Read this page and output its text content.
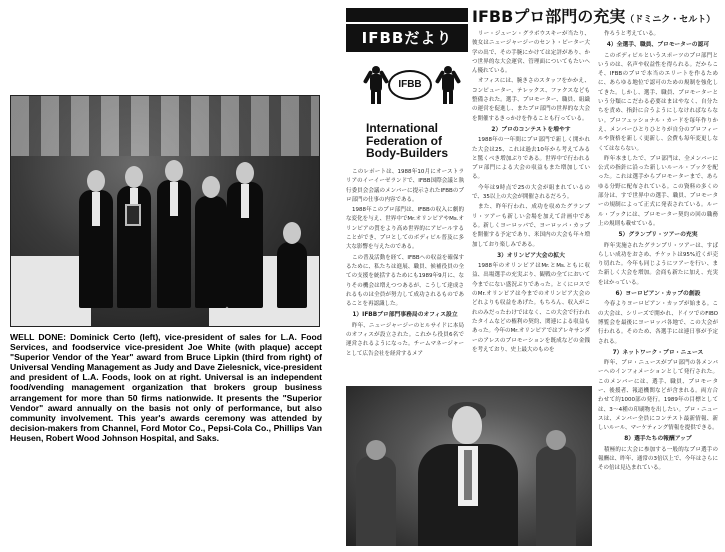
WELL DONE: Dominick Certo (left), vice-president of sales for L.A. Food Services, and foodservice vice-president Joe White (with plaque) accept "Superior Vendor of the Year" award from Bruce Lipkin (third from right) of Universal Vending Management as Judy and Dave Zielesnick, vice-president and president of L.A. Foods, look on at right. Universal is an independent food/vending management organization that brokers group business arrangement for more than 50 firms nationwide. It presents the "Superior Vendor" award annually on the basis not only of performance, but also community involvement. This year's awards ceremony was attended by decision-makers from Channel, Ford Motor Co., Pepsi-Cola Co., Phillips Van Heusen, Robert Wood Johnson Hospital, and Saks.
IFBBだより
IFBBプロ部門の充実（ドミニク・セルト）
IFBB
International
Federation of
Body-Builders

このレポートは、1988年10月にオーストラリアのイーイーゼランドで、IFBB国際会議と執行委員会会議のメンバーに提示されたIFBBのプロ部門の仕事の内容である。

1988年このプロ部門は、IFBBの収入に劇的な変化を与え、世界中でMr.オリンピアやMs.オリンピアの質をより高め世界的にアピールすることができ、プロとしてのボディビル普及に多大な影響を与えたのである。

この普及活動を経て、IFBBへの収益を確保するために、私たちは進展、職員、候補役員の全ての支援を統括するためにも1989年9月に、なりその機会は増えつつあるが、こうして達成されるものは全員が努力して成功されるものであることを再認識した。

1）IFBBプロ部門事務局のオフィス設立

昨年、ニュージャージーのヒルサイドに本局のオフィスが設立された。これから役員6名で運営されるようになった。チームマネージャーとして広告会社を経営するメア

リー・ジューン・グラボウスキーが当たり、彼女はニュージャージーのセント・ピーター大学の出で、その手腕にかけては定評があり、かつ世界的な大会運営、管理面についてもたいへん優れている。

オフィスには、腕きさのスタッフをかかえ、コンピューター、テレックス、ファクスなども整備された。選手、プロモーター、職員、組織の運営を促進し、またプロ部門の世界的な大会を開催するきっかけを作ることも行っている。

2）プロのコンテストを増やす

1988年の一年間にプロ部門で新しく開かれた大会は25、これは過去10年から考えてみると驚くべき増加ぶりである。世界中で行われるプロ部門による大会の収益もまた増加している。

今年は9時点で25の大会が組まれているので、35以上の大会が開催されるだろう。

また、昨年行われ、成功を収めたグランプリ・ツアーも新しい会場を加えて計画中である。新しくヨーロッパで、ヨーロッパ・カップを開催する予定であり、米国内の大会も年々増加しており楽しみである。

3）オリンピア大会の拡大

1988年のオリンピアはMr.とMs.ともに収益、出場選手の充実ぶり、観戦の全てにおいて今までにない盛況ぶりであった。とくにロスでのMr.オリンピアは今までのオリンピア大会のどれよりも収益をあげた。もちろん、収入がこれのみだったわけではなく、この大会で行われたタイムなどの権利の契約、関連による収益もあった。今年のMr.オリンピアではアレキサンダーのアレスのプロモーションを既成などの金銭を考えており、史上最大のものを

作ろうと考えている。

4）全選手、職員、プロモーターの認可

このボディビルというスポーツのプロ部門というのは、名声や収益性を得られる。だからこそ、IFBBのプロで本当のエリートを作るために、あらゆる地位で認可のための規制を強化してきた。しかし、選手、職員、プロモーターという分類にこだわる必要はまはやなく、自分たちを責め、指針に合うようにしなければならない。プロフェッショナル・カードを毎年作りかえ、メンバーひとりひとりが自分のプロフィールや資格を新しく更新し、会費も毎年変更しなくてはならない。

昨年本ましたで、プロ部門は、全メンバーに公式の指針に沿った新しいルール・ブックを配った。これは選手からプロモーターまで、あらゆる分野に配布されている。この資料の多くの部分は、すで世界中の選手、職員、プロモーターの規制によって正式に発表されている。ルール・ブックには、プロモーター契約の回の職務上の規則も載せている。

5）グランプリ・ツアーの充実

昨年実施されたグランプリ・ツアーは、すばらしい成功をおさめ、チケットは95%近くが売り切れた。今年も同じようにツアーを行い、また新しく大会を増加。会商も新たに加え、充実をはかっている。

6）ヨーロピアン・カップの創設

今春よりヨーロピアン・カップが始まる。この大会は、シリーズで開かれ、ドイツでのFIBO博覧会を最後にヨーロッパ各地で、この大会が行われる。そのため、各選手には連日事が予定される。

7）ネットワーク・プロ・ニュース

昨年、プロ・ニュースがプロ部門の各メンバーへのインフォメーションとして発行された。このメンバーには、選手、職員、プロモーター、後援者、報道機関などが含まれる。両方合わせて約1000部の発行。1989年の目標としては、3～4種の印刷物を出したい。プロ・ニュースは、メンバー全員にコンテスト最新情報、新しいルール、マーケティング情報を提供できる。

8）選手たちの報酬アップ

積極的に大会に参加する一般的なプロ選手の報酬は、昨年、通常の3倍以上で、今年はさらにその倍は見込まれている。
